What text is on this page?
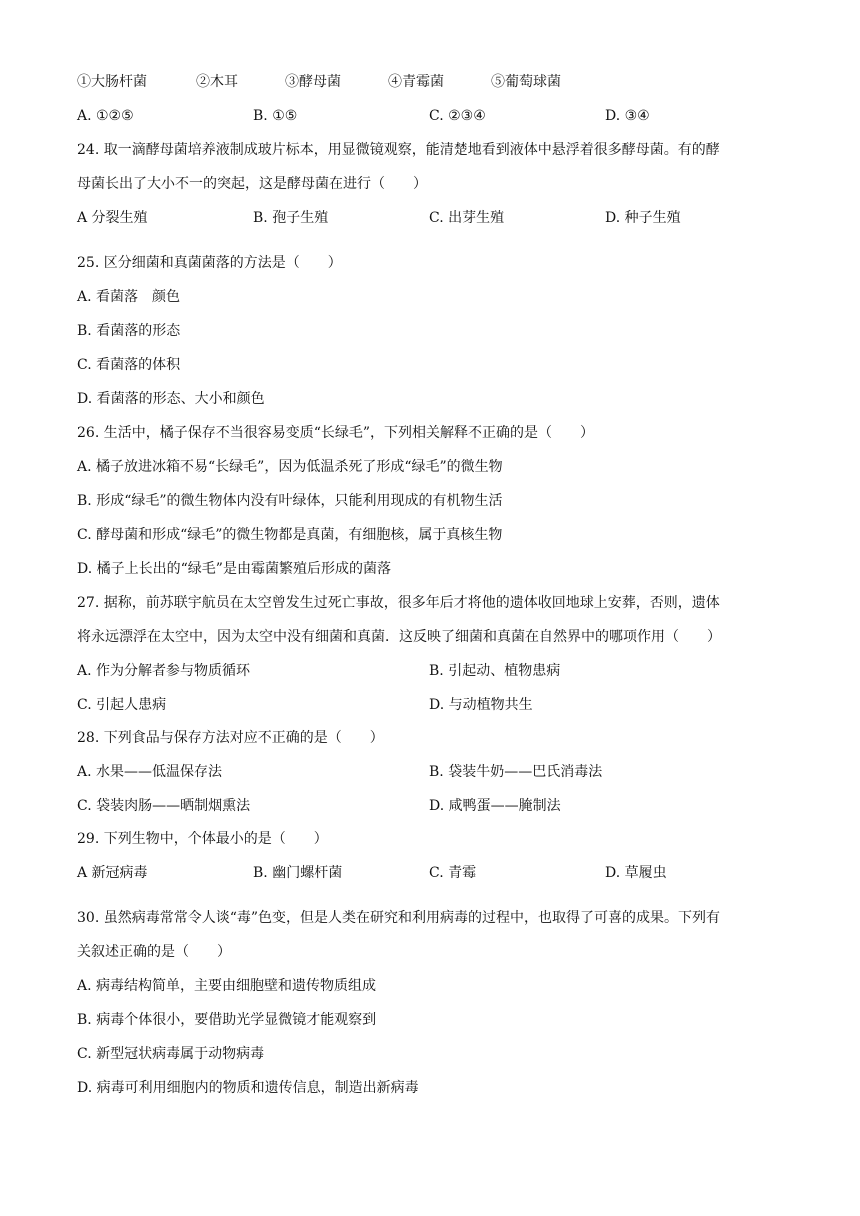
①大肠杆菌	②木耳	③酵母菌	④青霉菌	⑤葡萄球菌
A. ①②⑤	B. ①⑤	C. ②③④	D. ③④
24. 取一滴酵母菌培养液制成玻片标本，用显微镜观察，能清楚地看到液体中悬浮着很多酵母菌。有的酵
母菌长出了大小不一的突起，这是酵母菌在进行（　　）
A 分裂生殖	B. 孢子生殖	C. 出芽生殖	D. 种子生殖
25. 区分细菌和真菌菌落的方法是（　　）
A. 看菌落　颜色
B. 看菌落的形态
C. 看菌落的体积
D. 看菌落的形态、大小和颜色
26. 生活中，橘子保存不当很容易变质“长绿毛”，下列相关解释不正确的是（　　）
A. 橘子放进冰箱不易“长绿毛”，因为低温杀死了形成“绿毛”的微生物
B. 形成“绿毛”的微生物体内没有叶绿体，只能利用现成的有机物生活
C. 酵母菌和形成“绿毛”的微生物都是真菌，有细胞核，属于真核生物
D. 橘子上长出的“绿毛”是由霉菌繁殖后形成的菌落
27. 据称，前苏联宇航员在太空曾发生过死亡事故，很多年后才将他的遗体收回地球上安葬，否则，遗体
将永远漂浮在太空中，因为太空中没有细菌和真菌．这反映了细菌和真菌在自然界中的哪项作用（　　）
A. 作为分解者参与物质循环	B. 引起动、植物患病
C. 引起人患病	D. 与动植物共生
28. 下列食品与保存方法对应不正确的是（　　）
A. 水果——低温保存法	B. 袋装牛奶——巴氏消毒法
C. 袋装肉肠——晒制烟熏法	D. 咸鸭蛋——腌制法
29. 下列生物中，个体最小的是（　　）
A 新冠病毒	B. 幽门螺杆菌	C. 青霉	D. 草履虫
30. 虽然病毒常常令人谈“毒”色变，但是人类在研究和利用病毒的过程中，也取得了可喜的成果。下列有
关叙述正确的是（　　）
A. 病毒结构简单，主要由细胞壁和遗传物质组成
B. 病毒个体很小，要借助光学显微镜才能观察到
C. 新型冠状病毒属于动物病毒
D. 病毒可利用细胞内的物质和遗传信息，制造出新病毒
